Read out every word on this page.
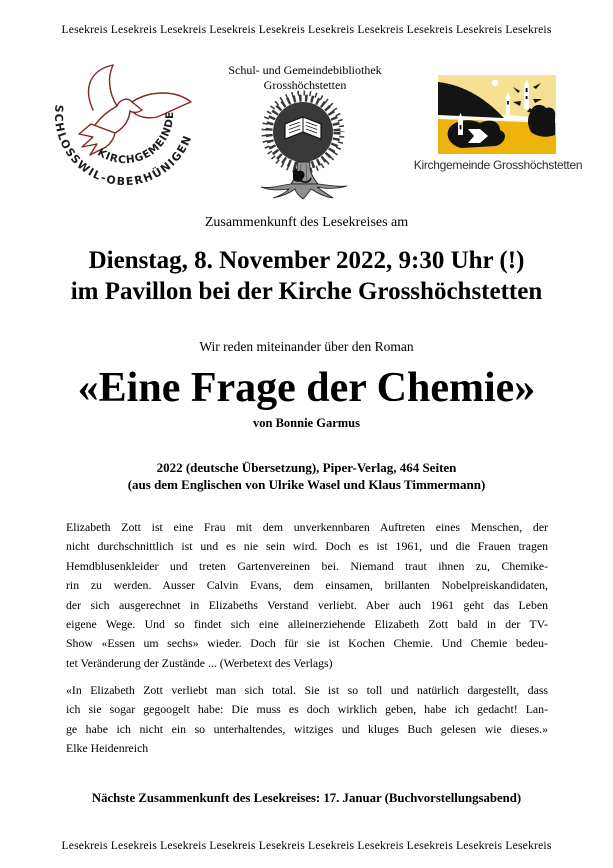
Lesekreis Lesekreis Lesekreis Lesekreis Lesekreis Lesekreis Lesekreis Lesekreis Lesekreis Lesekreis
SCHLOSSWIL-OBERHÜNIGEN
KIRCHGEMEINDE
Schul- und Gemeindebibliothek
Grosshöchstetten
Kirchgemeinde Grosshöchstetten
Zusammenkunft des Lesekreises am
Dienstag, 8. November 2022, 9:30 Uhr (!)
im Pavillon bei der Kirche Grosshöchstetten
Wir reden miteinander über den Roman
«Eine Frage der Chemie»
von Bonnie Garmus
2022 (deutsche Übersetzung), Piper-Verlag, 464 Seiten
(aus dem Englischen von Ulrike Wasel und Klaus Timmermann)
Elizabeth Zott ist eine Frau mit dem unverkennbaren Auftreten eines Menschen, der
nicht durchschnittlich ist und es nie sein wird. Doch es ist 1961, und die Frauen tragen
Hemdblusenkleider und treten Gartenvereinen bei. Niemand traut ihnen zu, Chemike-
rin zu werden. Ausser Calvin Evans, dem einsamen, brillanten Nobelpreiskandidaten,
der sich ausgerechnet in Elizabeths Verstand verliebt. Aber auch 1961 geht das Leben
eigene Wege. Und so findet sich eine alleinerziehende Elizabeth Zott bald in der TV-
Show «Essen um sechs» wieder. Doch für sie ist Kochen Chemie. Und Chemie bedeu-
tet Veränderung der Zustände ... (Werbetext des Verlags)
«In Elizabeth Zott verliebt man sich total. Sie ist so toll und natürlich dargestellt, dass
ich sie sogar gegoogelt habe: Die muss es doch wirklich geben, habe ich gedacht! Lan-
ge habe ich nicht ein so unterhaltendes, witziges und kluges Buch gelesen wie dieses.»
Elke Heidenreich
Nächste Zusammenkunft des Lesekreises: 17. Januar (Buchvorstellungsabend)
Lesekreis Lesekreis Lesekreis Lesekreis Lesekreis Lesekreis Lesekreis Lesekreis Lesekreis Lesekreis
